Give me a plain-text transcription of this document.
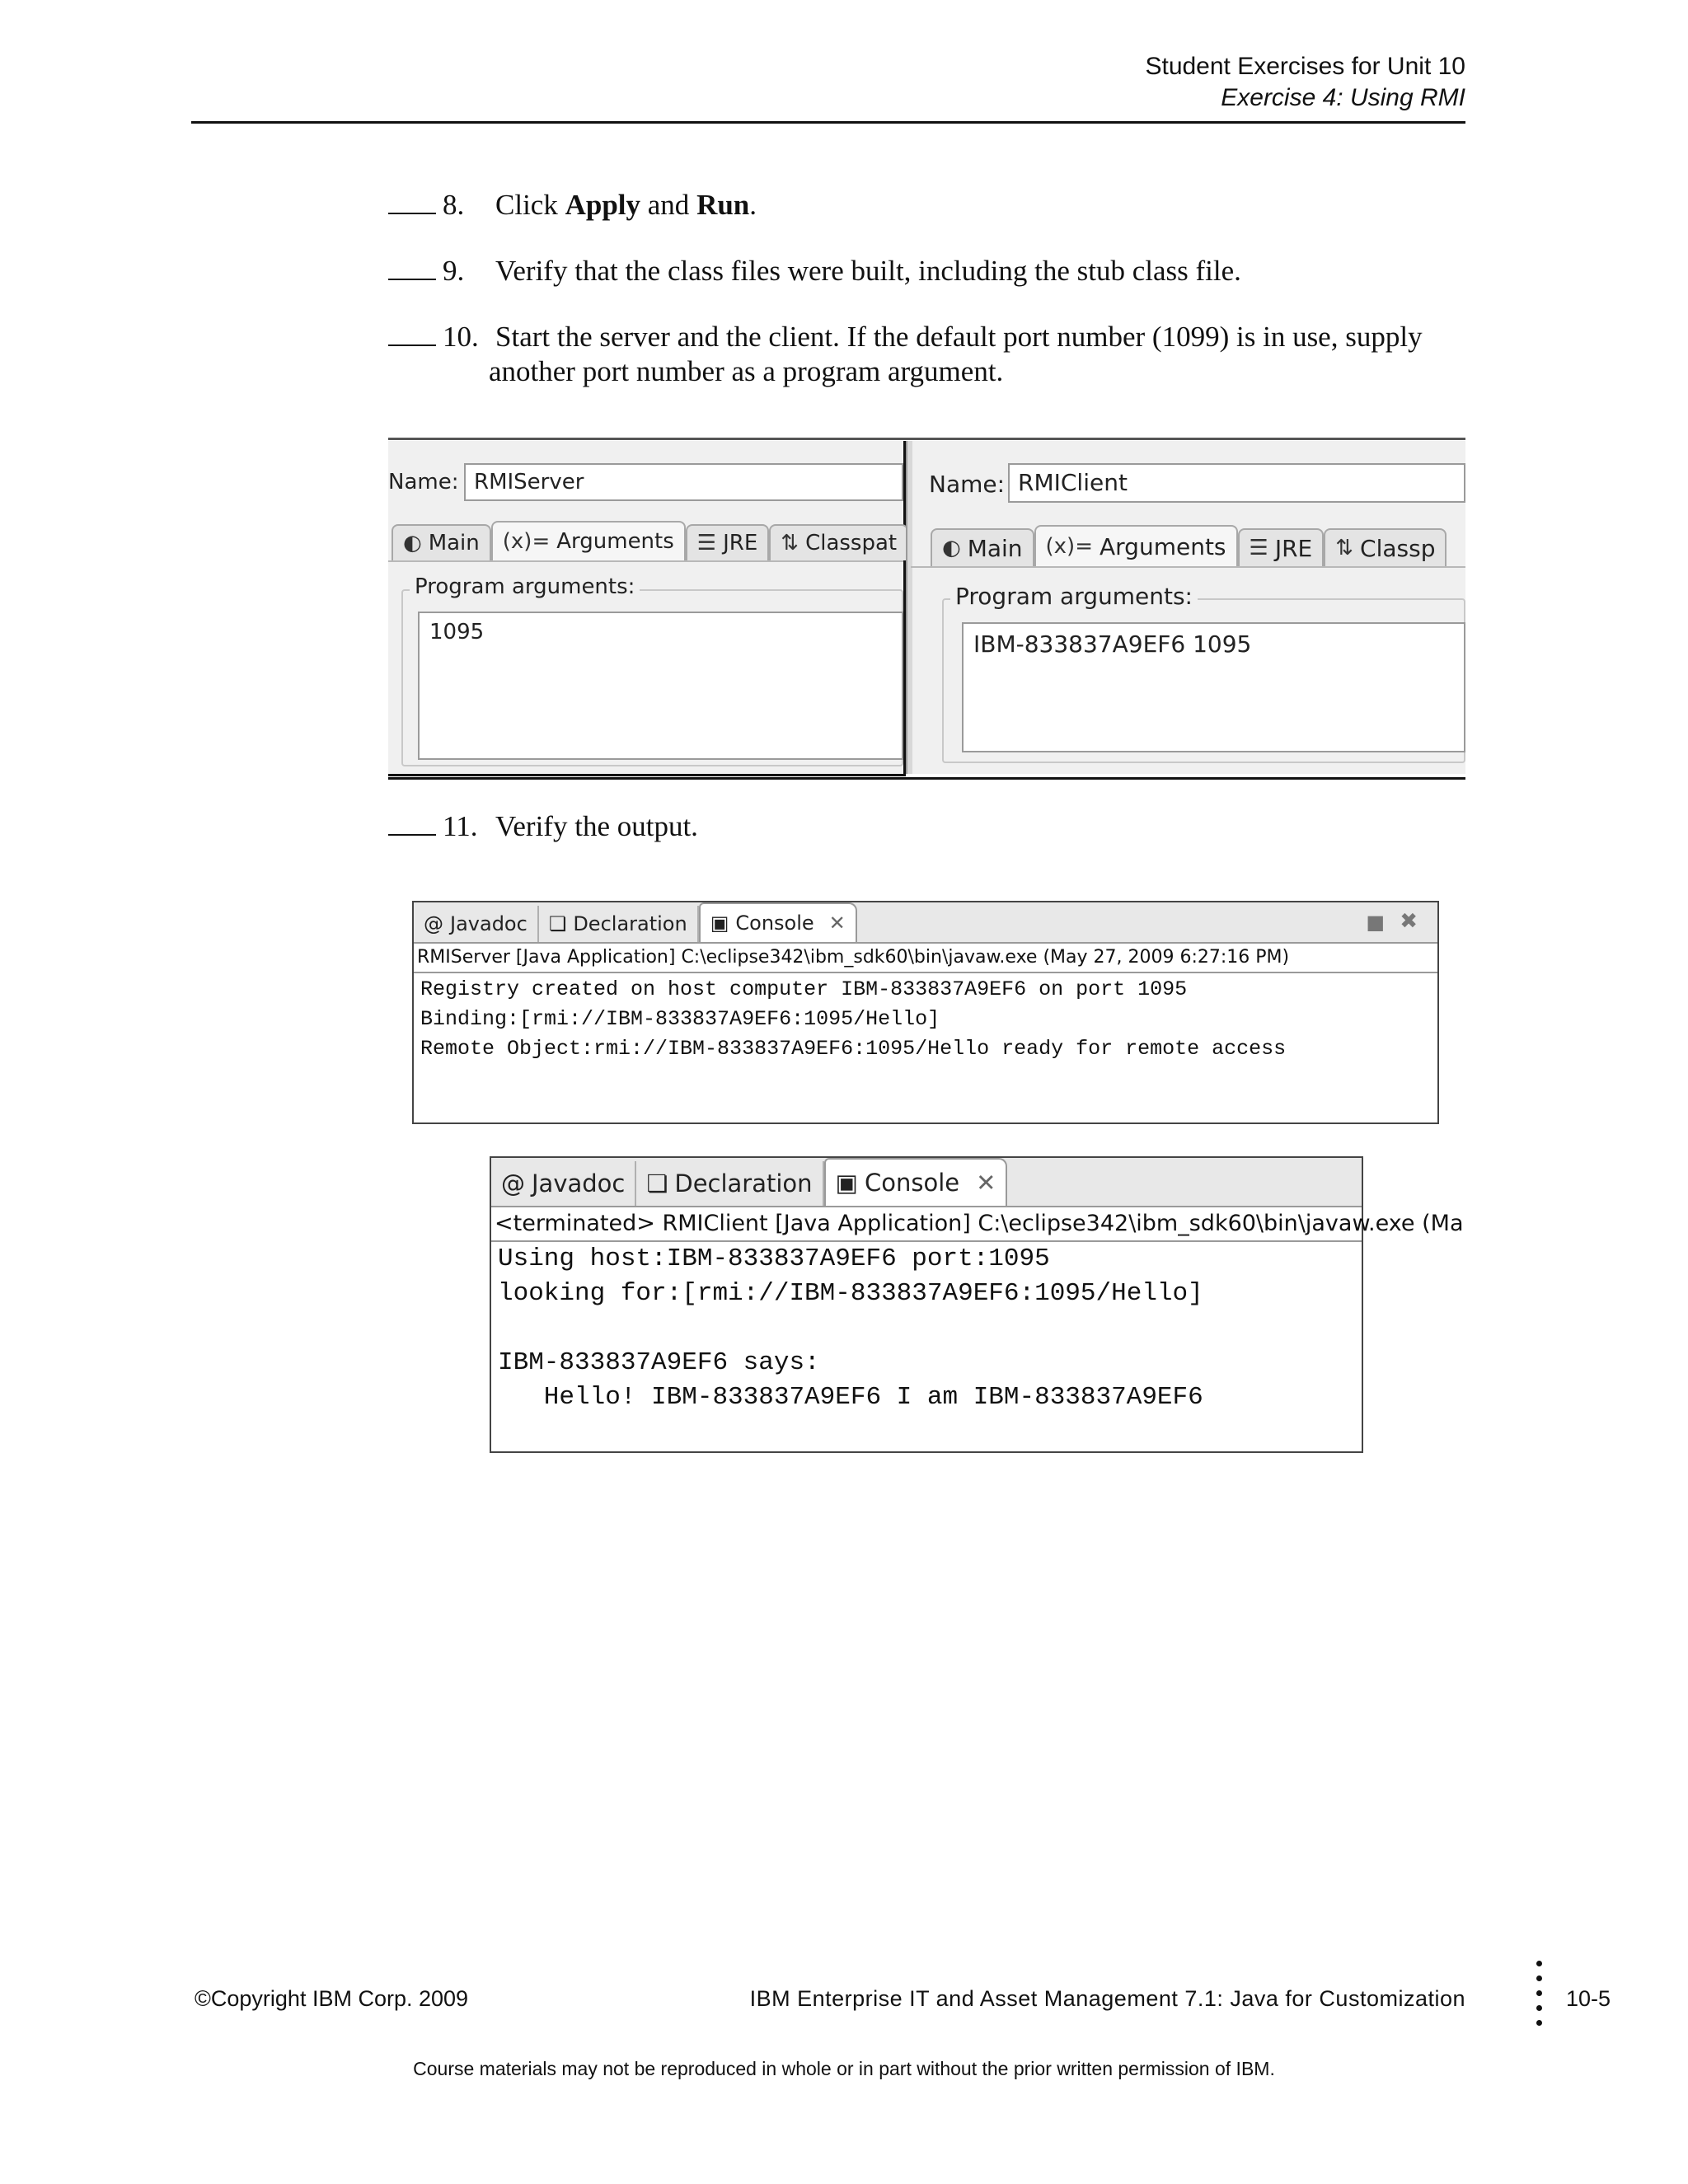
Student Exercises for Unit 10
Exercise 4: Using RMI
8. Click Apply and Run.
9. Verify that the class files were built, including the stub class file.
10. Start the server and the client. If the default port number (1099) is in use, supply
another port number as a program argument.
Name: RMIServer
◐ Main (x)= Arguments ☰ JRE ⇅ Classpat
Program arguments:
1095
Name: RMIClient
◐ Main (x)= Arguments ☰ JRE ⇅ Classp
Program arguments:
IBM-833837A9EF6 1095
11. Verify the output.
@ Javadoc ❏ Declaration ▣ Console ✕	■ ✖
RMIServer [Java Application] C:\eclipse342\ibm_sdk60\bin\javaw.exe (May 27, 2009 6:27:16 PM)
Registry created on host computer IBM-833837A9EF6 on port 1095
Binding:[rmi://IBM-833837A9EF6:1095/Hello]
Remote Object:rmi://IBM-833837A9EF6:1095/Hello ready for remote access
@ Javadoc ❏ Declaration ▣ Console ✕
<terminated> RMIClient [Java Application] C:\eclipse342\ibm_sdk60\bin\javaw.exe (Ma
Using host:IBM-833837A9EF6 port:1095
looking for:[rmi://IBM-833837A9EF6:1095/Hello]
IBM-833837A9EF6 says:
Hello! IBM-833837A9EF6 I am IBM-833837A9EF6
©Copyright IBM Corp. 2009	IBM Enterprise IT and Asset Management 7.1: Java for Customization	10-5
Course materials may not be reproduced in whole or in part without the prior written permission of IBM.
